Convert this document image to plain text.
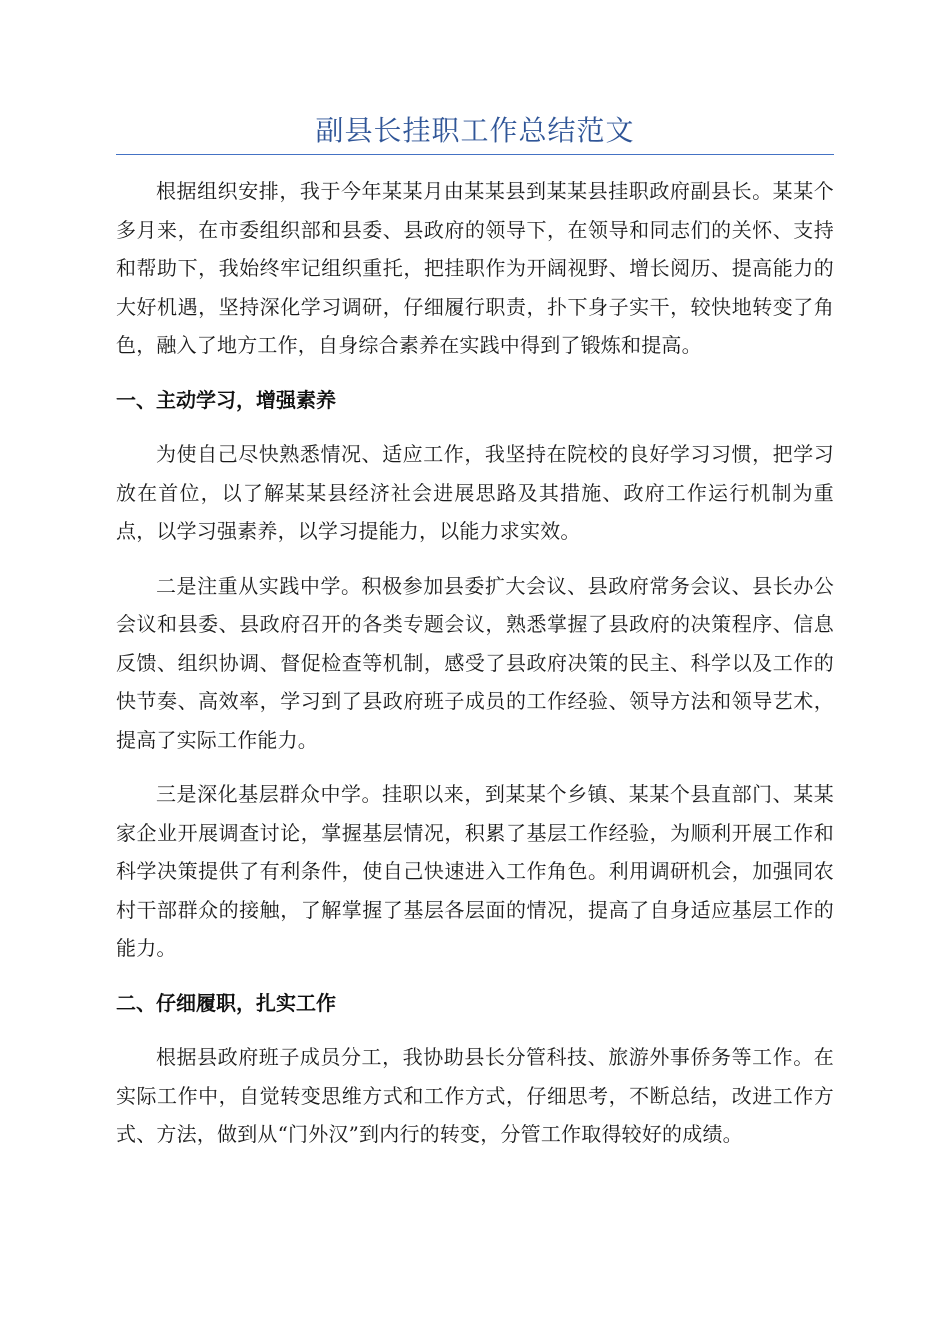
副县长挂职工作总结范文

根据组织安排，我于今年某某月由某某县到某某县挂职政府副县长。某某个多月来，在市委组织部和县委、县政府的领导下，在领导和同志们的关怀、支持和帮助下，我始终牢记组织重托，把挂职作为开阔视野、增长阅历、提高能力的大好机遇，坚持深化学习调研，仔细履行职责，扑下身子实干，较快地转变了角色，融入了地方工作，自身综合素养在实践中得到了锻炼和提高。

一、主动学习，增强素养

为使自己尽快熟悉情况、适应工作，我坚持在院校的良好学习习惯，把学习放在首位，以了解某某县经济社会进展思路及其措施、政府工作运行机制为重点，以学习强素养，以学习提能力，以能力求实效。

二是注重从实践中学。积极参加县委扩大会议、县政府常务会议、县长办公会议和县委、县政府召开的各类专题会议，熟悉掌握了县政府的决策程序、信息反馈、组织协调、督促检查等机制，感受了县政府决策的民主、科学以及工作的快节奏、高效率，学习到了县政府班子成员的工作经验、领导方法和领导艺术，提高了实际工作能力。

三是深化基层群众中学。挂职以来，到某某个乡镇、某某个县直部门、某某家企业开展调查讨论，掌握基层情况，积累了基层工作经验，为顺利开展工作和科学决策提供了有利条件，使自己快速进入工作角色。利用调研机会，加强同农村干部群众的接触，了解掌握了基层各层面的情况，提高了自身适应基层工作的能力。

二、仔细履职，扎实工作

根据县政府班子成员分工，我协助县长分管科技、旅游外事侨务等工作。在实际工作中，自觉转变思维方式和工作方式，仔细思考，不断总结，改进工作方式、方法，做到从“门外汉”到内行的转变，分管工作取得较好的成绩。
